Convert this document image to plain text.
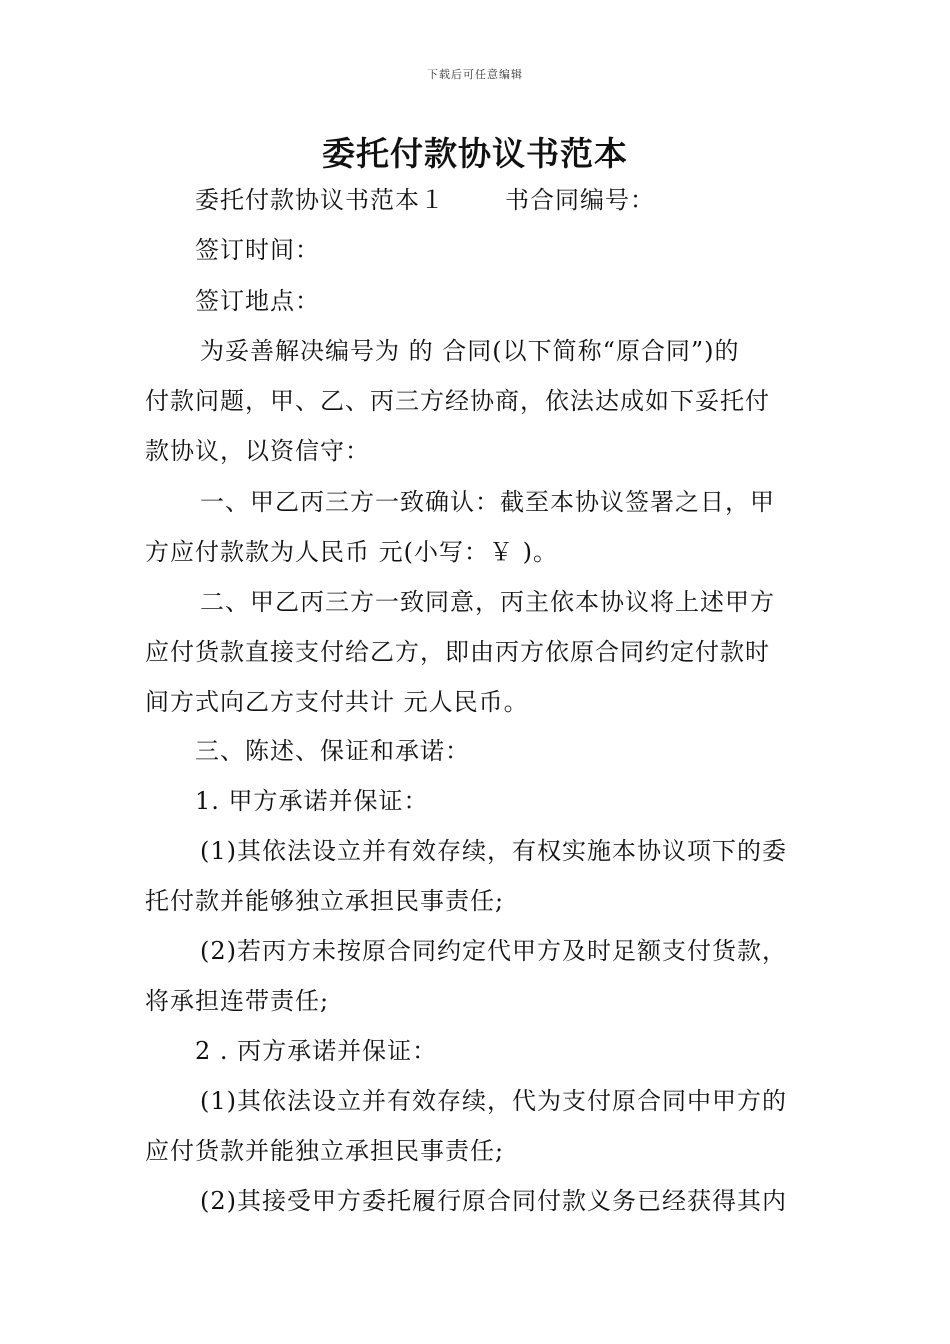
下载后可任意编辑
委托付款协议书范本
委托付款协议书范本１	书合同编号：
签订时间：
签订地点：
为妥善解决编号为 的 合同(以下简称“原合同”)的
付款问题，甲、乙、丙三方经协商，依法达成如下妥托付
款协议，以资信守：
一、甲乙丙三方一致确认：截至本协议签署之日，甲
方应付款款为人民币 元(小写：￥ )。
二、甲乙丙三方一致同意，丙主依本协议将上述甲方
应付货款直接支付给乙方，即由丙方依原合同约定付款时
间方式向乙方支付共计 元人民币。
三、陈述、保证和承诺：
1. 甲方承诺并保证：
(1)其依法设立并有效存续，有权实施本协议项下的委
托付款并能够独立承担民事责任;
(2)若丙方未按原合同约定代甲方及时足额支付货款，
将承担连带责任;
2 . 丙方承诺并保证：
(1)其依法设立并有效存续，代为支付原合同中甲方的
应付货款并能独立承担民事责任;
(2)其接受甲方委托履行原合同付款义务已经获得其内
